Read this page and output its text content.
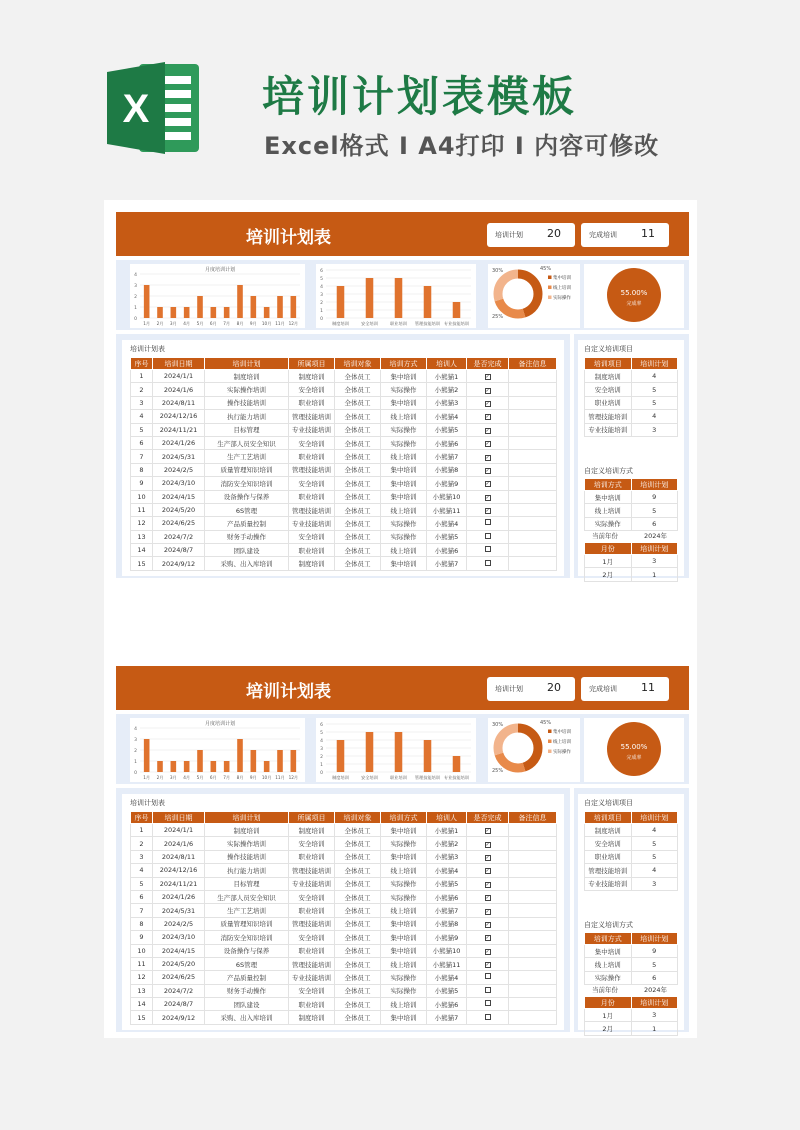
X	培训计划表模板
Excel格式 I A4打印 I 内容可修改
培训计划表	培训计划 20	完成培训 11
月度培训计划
0
1
2
3
4
1月 2月 3月 4月 5月 6月 7月 8月 9月 10月 11月 12月
0
1
2
3
4
5
6
制度培训	安全培训	职业培训 管理技能培训 专业技能培训
45%
25%
30%
集中培训
线上培训
实际操作
55.00%
完成率
培训计划表
序号	培训日期	培训计划	所属项目	培训对象	培训方式	培训人	是否完成	备注信息
1	2024/1/1	制度培训	制度培训	全体员工	集中培训	小熊猫1	✓	
2	2024/1/6	实际操作培训	安全培训	全体员工	实际操作	小熊猫2	✓	
3	2024/8/11	操作技能培训	职业培训	全体员工	集中培训	小熊猫3	✓	
4	2024/12/16	执行能力培训	管理技能培训	全体员工	线上培训	小熊猫4	✓	
5	2024/11/21	目标管理	专业技能培训	全体员工	实际操作	小熊猫5	✓	
6	2024/1/26	生产部人员安全知识	安全培训	全体员工	实际操作	小熊猫6	✓	
7	2024/5/31	生产工艺培训	职业培训	全体员工	线上培训	小熊猫7	✓	
8	2024/2/5	质量管理知识培训	管理技能培训	全体员工	集中培训	小熊猫8	✓	
9	2024/3/10	消防安全知识培训	安全培训	全体员工	集中培训	小熊猫9	✓	
10	2024/4/15	设备操作与保养	职业培训	全体员工	集中培训	小熊猫10	✓	
11	2024/5/20	6S管理	管理技能培训	全体员工	线上培训	小熊猫11	✓	
12	2024/6/25	产品质量控制	专业技能培训	全体员工	实际操作	小熊猫4		
13	2024/7/2	财务手动操作	安全培训	全体员工	实际操作	小熊猫5		
14	2024/8/7	团队建设	职业培训	全体员工	线上培训	小熊猫6		
15	2024/9/12	采购、出入库培训	制度培训	全体员工	集中培训	小熊猫7		
自定义培训项目
培训项目	培训计划
制度培训	4
安全培训	5
职业培训	5
管理技能培训	4
专业技能培训	3
自定义培训方式
培训方式	培训计划
集中培训	9
线上培训	5
实际操作	6
当前年份	2024年
月份	培训计划
1月	3
2月	1
培训计划表	培训计划 20	完成培训 11
月度培训计划
0
1
2
3
4
1月 2月 3月 4月 5月 6月 7月 8月 9月 10月 11月 12月
0
1
2
3
4
5
6
制度培训	安全培训	职业培训 管理技能培训 专业技能培训
45%
25%
30%
集中培训
线上培训
实际操作
55.00%
完成率
培训计划表
序号	培训日期	培训计划	所属项目	培训对象	培训方式	培训人	是否完成	备注信息
1	2024/1/1	制度培训	制度培训	全体员工	集中培训	小熊猫1	✓	
2	2024/1/6	实际操作培训	安全培训	全体员工	实际操作	小熊猫2	✓	
3	2024/8/11	操作技能培训	职业培训	全体员工	集中培训	小熊猫3	✓	
4	2024/12/16	执行能力培训	管理技能培训	全体员工	线上培训	小熊猫4	✓	
5	2024/11/21	目标管理	专业技能培训	全体员工	实际操作	小熊猫5	✓	
6	2024/1/26	生产部人员安全知识	安全培训	全体员工	实际操作	小熊猫6	✓	
7	2024/5/31	生产工艺培训	职业培训	全体员工	线上培训	小熊猫7	✓	
8	2024/2/5	质量管理知识培训	管理技能培训	全体员工	集中培训	小熊猫8	✓	
9	2024/3/10	消防安全知识培训	安全培训	全体员工	集中培训	小熊猫9	✓	
10	2024/4/15	设备操作与保养	职业培训	全体员工	集中培训	小熊猫10	✓	
11	2024/5/20	6S管理	管理技能培训	全体员工	线上培训	小熊猫11	✓	
12	2024/6/25	产品质量控制	专业技能培训	全体员工	实际操作	小熊猫4		
13	2024/7/2	财务手动操作	安全培训	全体员工	实际操作	小熊猫5		
14	2024/8/7	团队建设	职业培训	全体员工	线上培训	小熊猫6		
15	2024/9/12	采购、出入库培训	制度培训	全体员工	集中培训	小熊猫7		
自定义培训项目
培训项目	培训计划
制度培训	4
安全培训	5
职业培训	5
管理技能培训	4
专业技能培训	3
自定义培训方式
培训方式	培训计划
集中培训	9
线上培训	5
实际操作	6
当前年份	2024年
月份	培训计划
1月	3
2月	1
